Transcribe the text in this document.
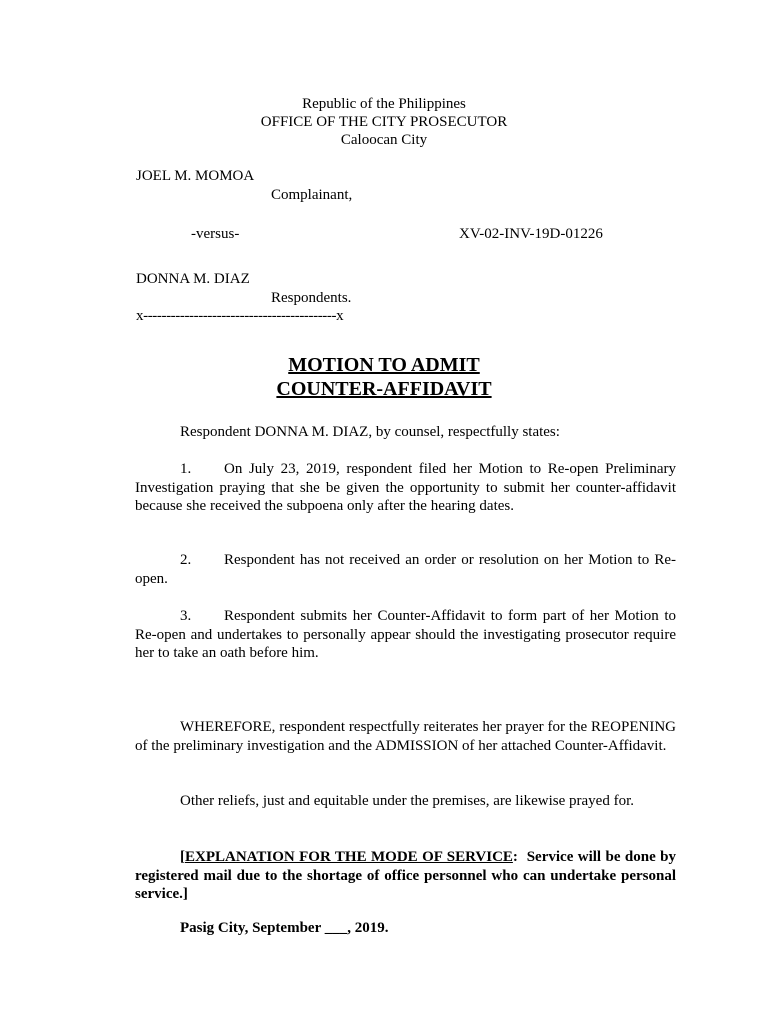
Republic of the Philippines
OFFICE OF THE CITY PROSECUTOR
Caloocan City
JOEL M. MOMOA
Complainant,
-versus-	XV-02-INV-19D-01226
DONNA M. DIAZ
Respondents.
x------------------------------------------x
MOTION TO ADMIT
COUNTER-AFFIDAVIT
Respondent DONNA M. DIAZ, by counsel, respectfully states:
1. On July 23, 2019, respondent filed her Motion to Re-open Preliminary Investigation praying that she be given the opportunity to submit her counter-affidavit because she received the subpoena only after the hearing dates.
2. Respondent has not received an order or resolution on her Motion to Re-open.
3. Respondent submits her Counter-Affidavit to form part of her Motion to Re-open and undertakes to personally appear should the investigating prosecutor require her to take an oath before him.
WHEREFORE, respondent respectfully reiterates her prayer for the REOPENING of the preliminary investigation and the ADMISSION of her attached Counter-Affidavit.
Other reliefs, just and equitable under the premises, are likewise prayed for.
[EXPLANATION FOR THE MODE OF SERVICE: Service will be done by registered mail due to the shortage of office personnel who can undertake personal service.]
Pasig City, September ___, 2019.
